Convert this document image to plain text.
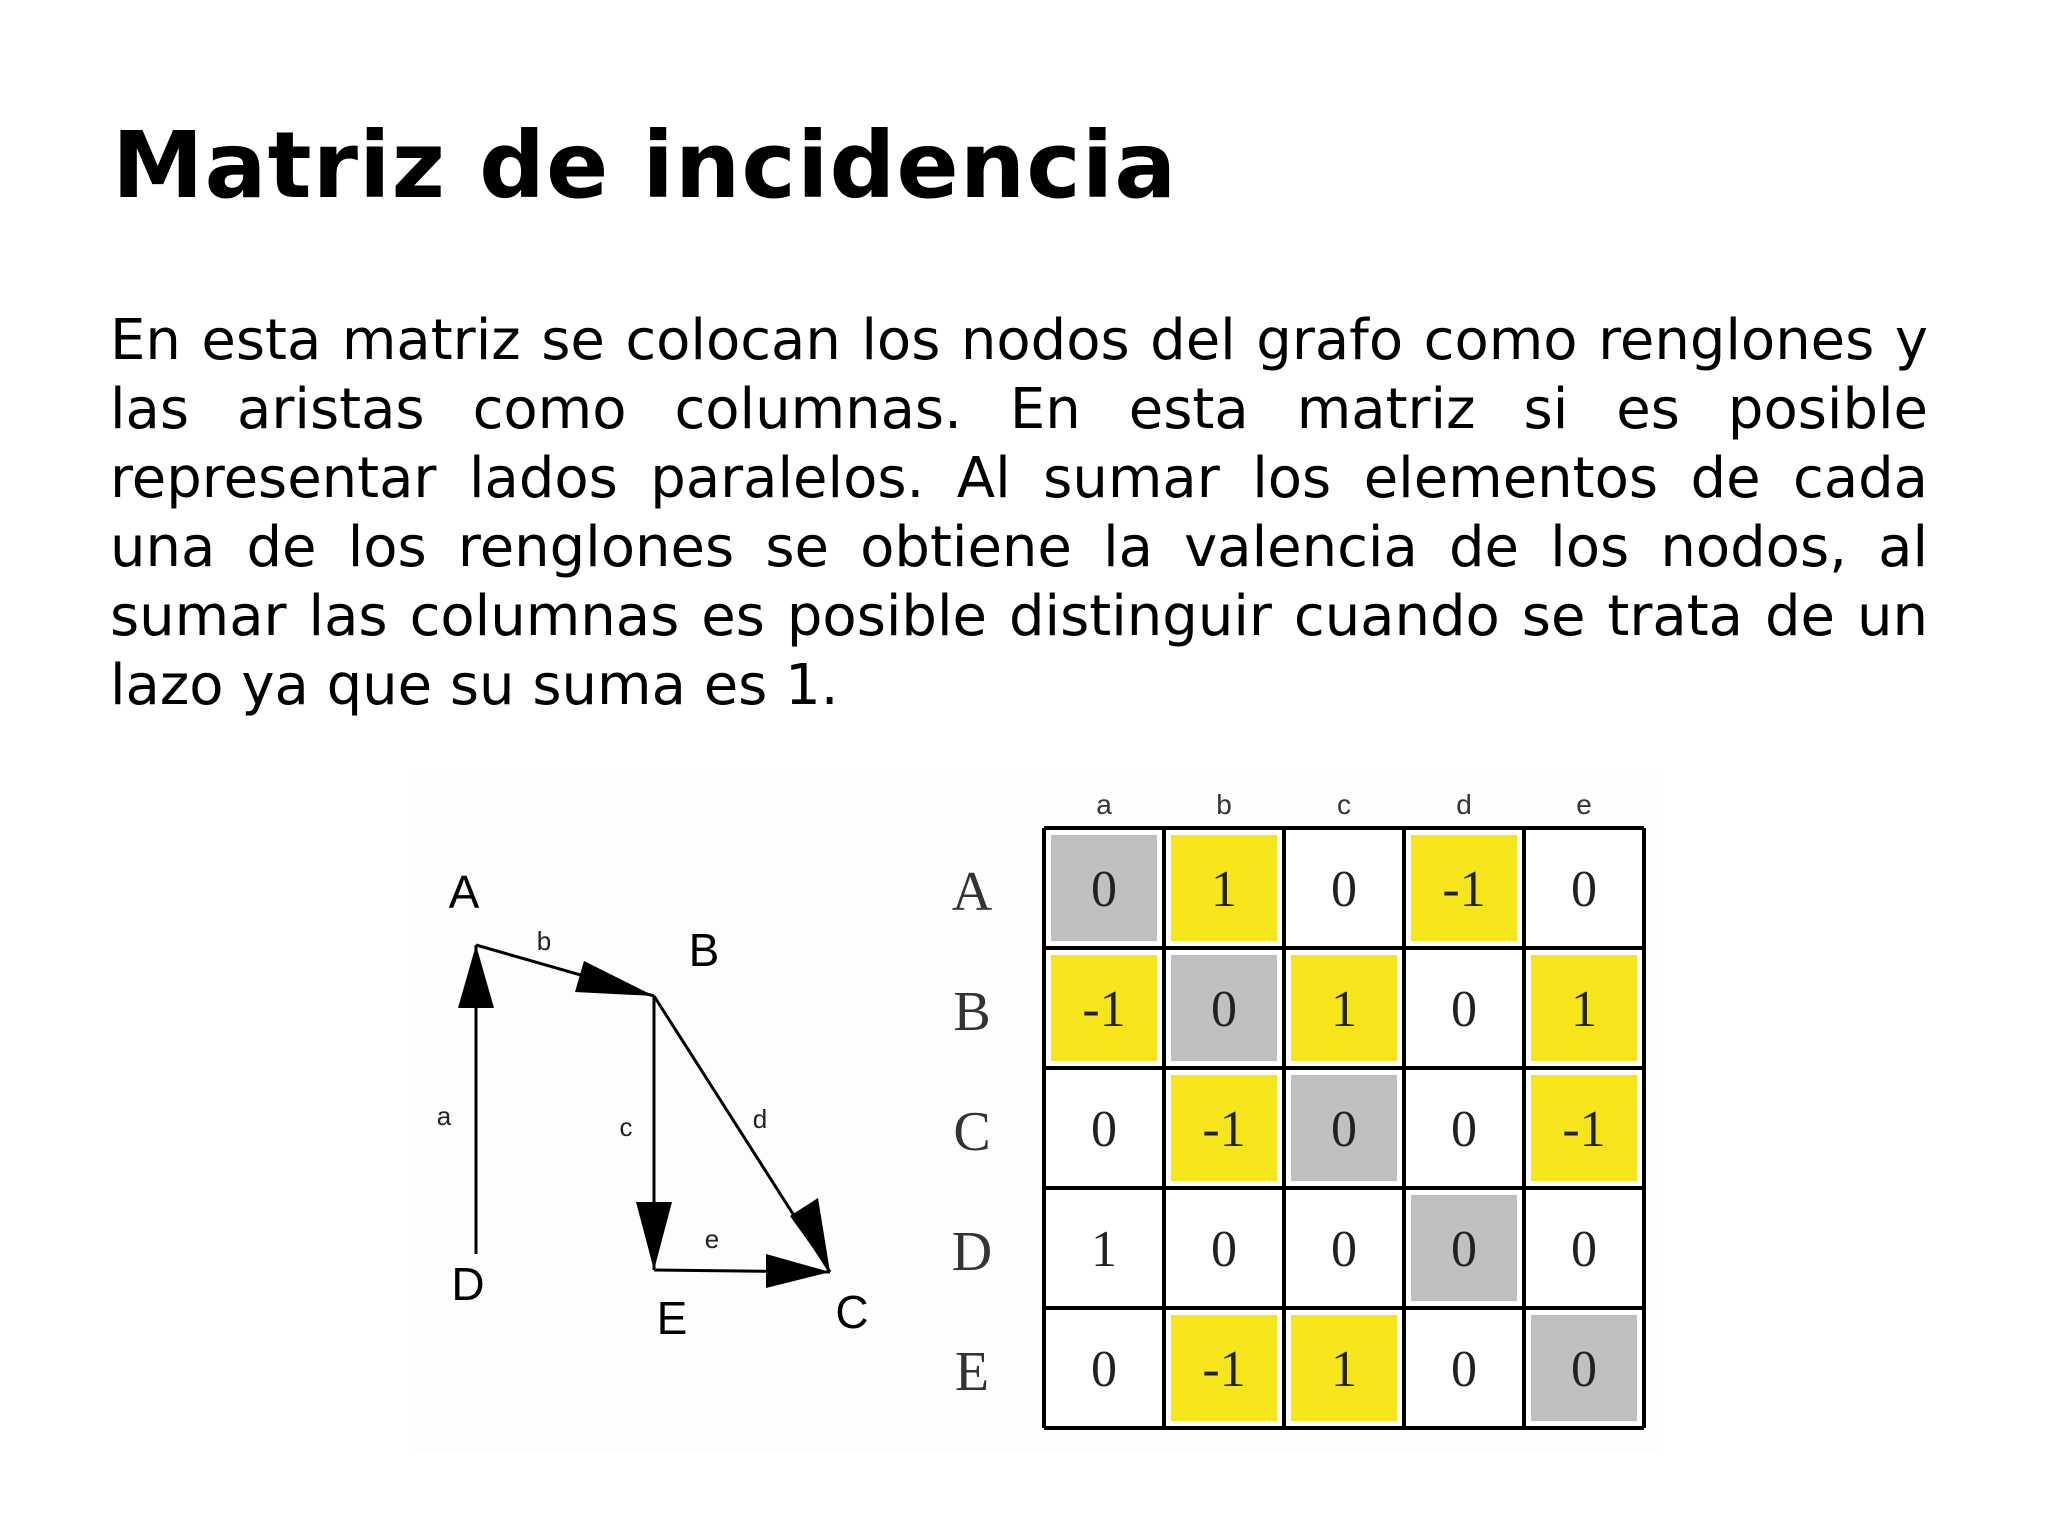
Matriz de incidencia

En esta matriz se colocan los nodos del grafo como renglones y las aristas como columnas. En esta matriz si es posible representar lados paralelos. Al sumar los elementos de cada una de los renglones se obtiene la valencia de los nodos, al sumar las columnas es posible distinguir cuando se trata de un lazo ya que su suma es 1.

A
B
D
E	C
a
b
c	d
e
a	b	c	d	e
A 0 1 0 -1 0
B -1 0 1 0 1
C 0 -1 0 0 -1
D 1 0 0 0 0
E 0 -1 1 0 0
